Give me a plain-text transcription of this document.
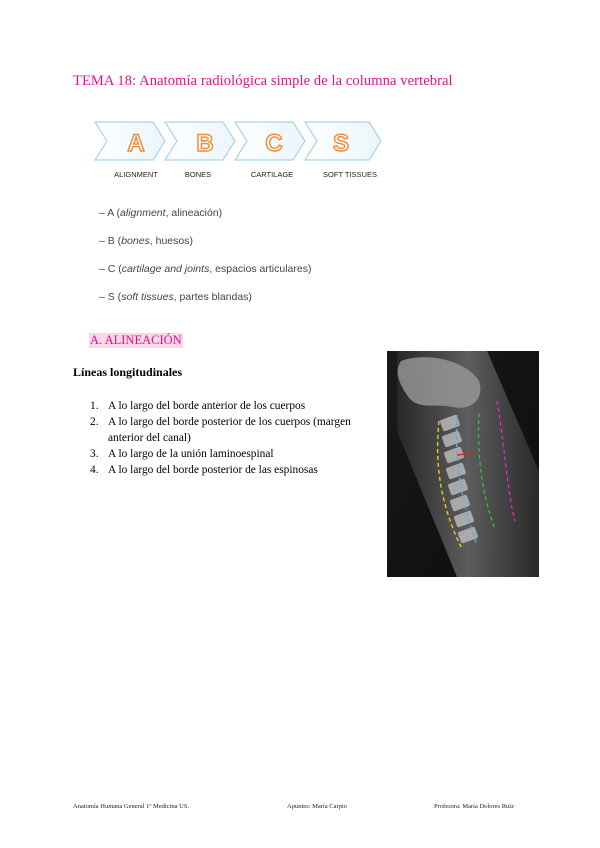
TEMA 18: Anatomía radiológica simple de la columna vertebral
A B C S
ALIGNMENT	BONES	CARTILAGE	SOFT TISSUES
– A (alignment, alineación)
– B (bones, huesos)
– C (cartilage and joints, espacios articulares)
– S (soft tissues, partes blandas)
A. ALINEACIÓN
Líneas longitudinales
1. A lo largo del borde anterior de los cuerpos
2. A lo largo del borde posterior de los cuerpos (margen anterior del canal)
3. A lo largo de la unión laminoespinal
4. A lo largo del borde posterior de las espinosas
Anatomía Humana General 1º Medicina US.	Apuntes: María Carpio	Profesora: María Dolores Ruiz
